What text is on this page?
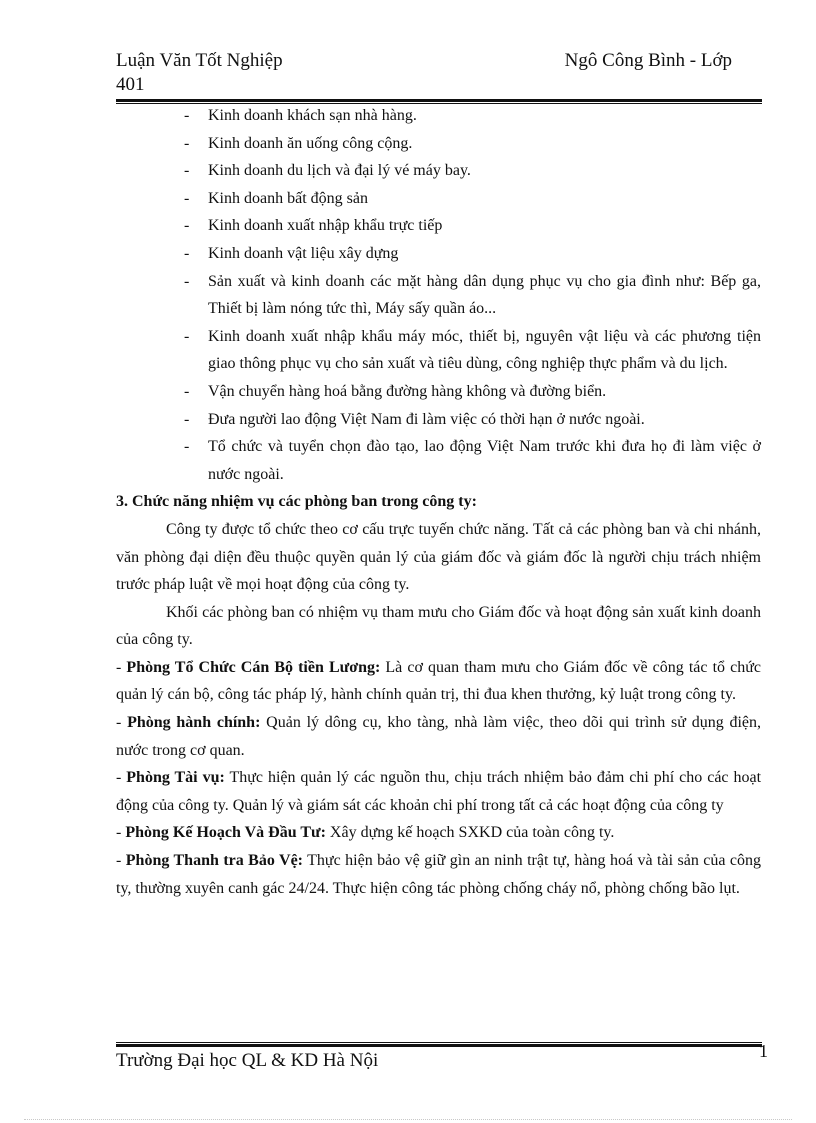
Luận Văn Tốt Nghiệp	Ngô Công Bình - Lớp
401
- Kinh doanh khách sạn nhà hàng.
- Kinh doanh ăn uống công cộng.
- Kinh doanh du lịch và đại lý vé máy bay.
- Kinh doanh bất động sản
- Kinh doanh xuất nhập khẩu trực tiếp
- Kinh doanh vật liệu xây dựng
- Sản xuất và kinh doanh các mặt hàng dân dụng phục vụ cho gia đình như: Bếp ga, Thiết bị làm nóng tức thì, Máy sấy quần áo...
- Kinh doanh xuất nhập khẩu máy móc, thiết bị, nguyên vật liệu và các phương tiện giao thông phục vụ cho sản xuất và tiêu dùng, công nghiệp thực phẩm và du lịch.
- Vận chuyển hàng hoá bằng đường hàng không và đường biển.
- Đưa người lao động Việt Nam đi làm việc có thời hạn ở nước ngoài.
- Tổ chức và tuyển chọn đào tạo, lao động Việt Nam trước khi đưa họ đi làm việc ở nước ngoài.
3. Chức năng nhiệm vụ các phòng ban trong công ty:

Công ty được tổ chức theo cơ cấu trực tuyến chức năng. Tất cả các phòng ban và chi nhánh, văn phòng đại diện đều thuộc quyền quản lý của giám đốc và giám đốc là người chịu trách nhiệm trước pháp luật về mọi hoạt động của công ty.

Khối các phòng ban có nhiệm vụ tham mưu cho Giám đốc và hoạt động sản xuất kinh doanh của công ty.

- Phòng Tổ Chức Cán Bộ tiền Lương: Là cơ quan tham mưu cho Giám đốc về công tác tổ chức quản lý cán bộ, công tác pháp lý, hành chính quản trị, thi đua khen thưởng, kỷ luật trong công ty.

- Phòng hành chính: Quản lý dông cụ, kho tàng, nhà làm việc, theo dõi qui trình sử dụng điện, nước trong cơ quan.

- Phòng Tài vụ: Thực hiện quản lý các nguồn thu, chịu trách nhiệm bảo đảm chi phí cho các hoạt động của công ty. Quản lý và giám sát các khoản chi phí trong tất cả các hoạt động của công ty

- Phòng Kế Hoạch Và Đầu Tư: Xây dựng kế hoạch SXKD của toàn công ty.

- Phòng Thanh tra Bảo Vệ: Thực hiện bảo vệ giữ gìn an ninh trật tự, hàng hoá và tài sản của công ty, thường xuyên canh gác 24/24. Thực hiện công tác phòng chống cháy nổ, phòng chống bão lụt.

Trường Đại học QL & KD Hà Nội	1
